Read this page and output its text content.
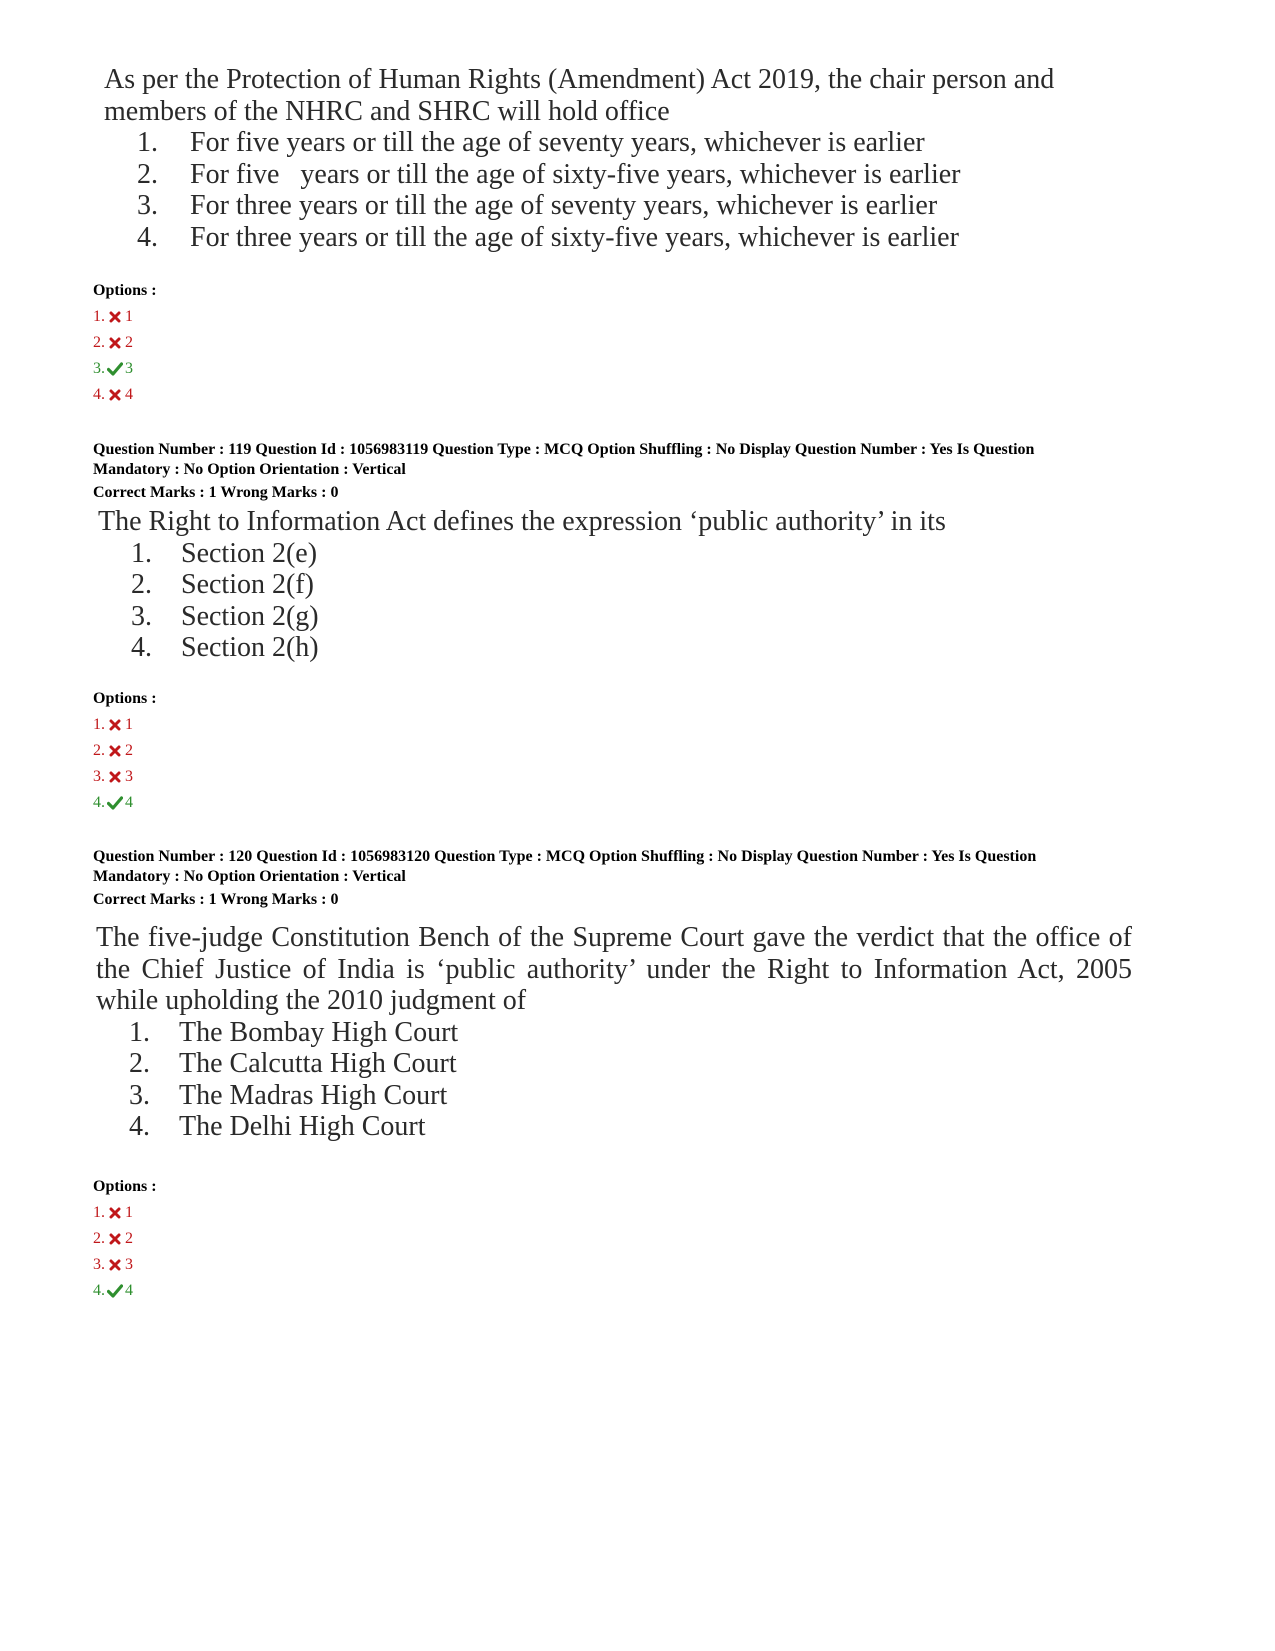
As per the Protection of Human Rights (Amendment) Act 2019, the chair person and members of the NHRC and SHRC will hold office

1.	For five years or till the age of seventy years, whichever is earlier
2.	For five   years or till the age of sixty-five years, whichever is earlier
3.	For three years or till the age of seventy years, whichever is earlier
4.	For three years or till the age of sixty-five years, whichever is earlier
Options :
1. 1
2. 2
3. 3
4. 4
Question Number : 119 Question Id : 1056983119 Question Type : MCQ Option Shuffling : No Display Question Number : Yes Is Question
Mandatory : No Option Orientation : Vertical
Correct Marks : 1 Wrong Marks : 0

The Right to Information Act defines the expression ‘public authority’ in its

1.	Section 2(e)
2.	Section 2(f)
3.	Section 2(g)
4.	Section 2(h)
Options :
1. 1
2. 2
3. 3
4. 4
Question Number : 120 Question Id : 1056983120 Question Type : MCQ Option Shuffling : No Display Question Number : Yes Is Question
Mandatory : No Option Orientation : Vertical
Correct Marks : 1 Wrong Marks : 0

The five-judge Constitution Bench of the Supreme Court gave the verdict that the office of the Chief Justice of India is ‘public authority’ under the Right to Information Act, 2005 while upholding the 2010 judgment of

1.	The Bombay High Court
2.	The Calcutta High Court
3.	The Madras High Court
4.	The Delhi High Court
Options :
1. 1
2. 2
3. 3
4. 4
